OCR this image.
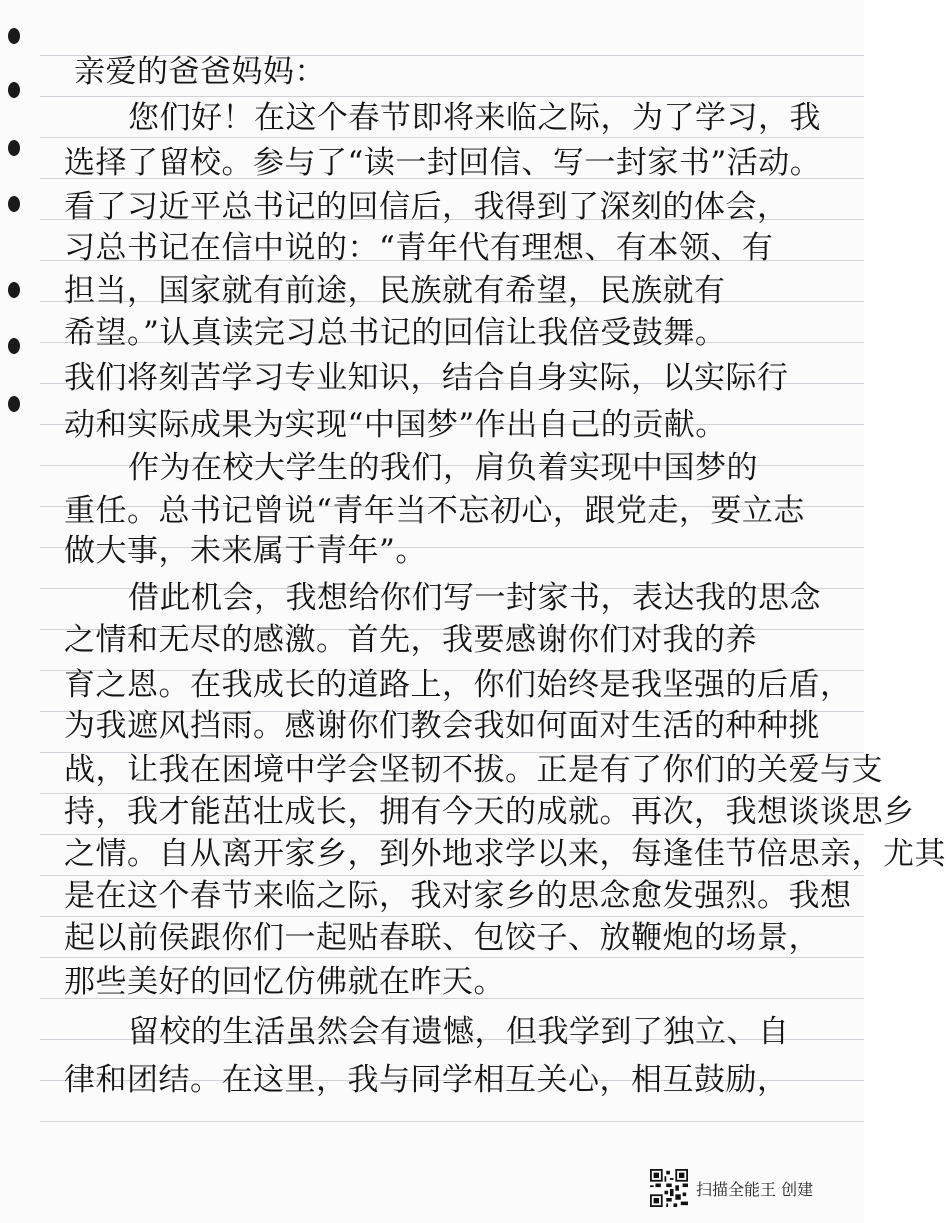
亲爱的爸爸妈妈：
您们好！在这个春节即将来临之际，为了学习，我
选择了留校。参与了“读一封回信、写一封家书”活动。
看了习近平总书记的回信后，我得到了深刻的体会，
习总书记在信中说的：“青年代有理想、有本领、有
担当，国家就有前途，民族就有希望，民族就有
希望。”认真读完习总书记的回信让我倍受鼓舞。
我们将刻苦学习专业知识，结合自身实际，以实际行
动和实际成果为实现“中国梦”作出自己的贡献。
作为在校大学生的我们，肩负着实现中国梦的
重任。总书记曾说“青年当不忘初心，跟党走，要立志
做大事，未来属于青年”。
借此机会，我想给你们写一封家书，表达我的思念
之情和无尽的感激。首先，我要感谢你们对我的养
育之恩。在我成长的道路上，你们始终是我坚强的后盾，
为我遮风挡雨。感谢你们教会我如何面对生活的种种挑
战，让我在困境中学会坚韧不拔。正是有了你们的关爱与支
持，我才能茁壮成长，拥有今天的成就。再次，我想谈谈思乡
之情。自从离开家乡，到外地求学以来，每逢佳节倍思亲，尤其
是在这个春节来临之际，我对家乡的思念愈发强烈。我想
起以前侯跟你们一起贴春联、包饺子、放鞭炮的场景，
那些美好的回忆仿佛就在昨天。
留校的生活虽然会有遗憾，但我学到了独立、自
律和团结。在这里，我与同学相互关心，相互鼓励，
扫描全能王 创建
